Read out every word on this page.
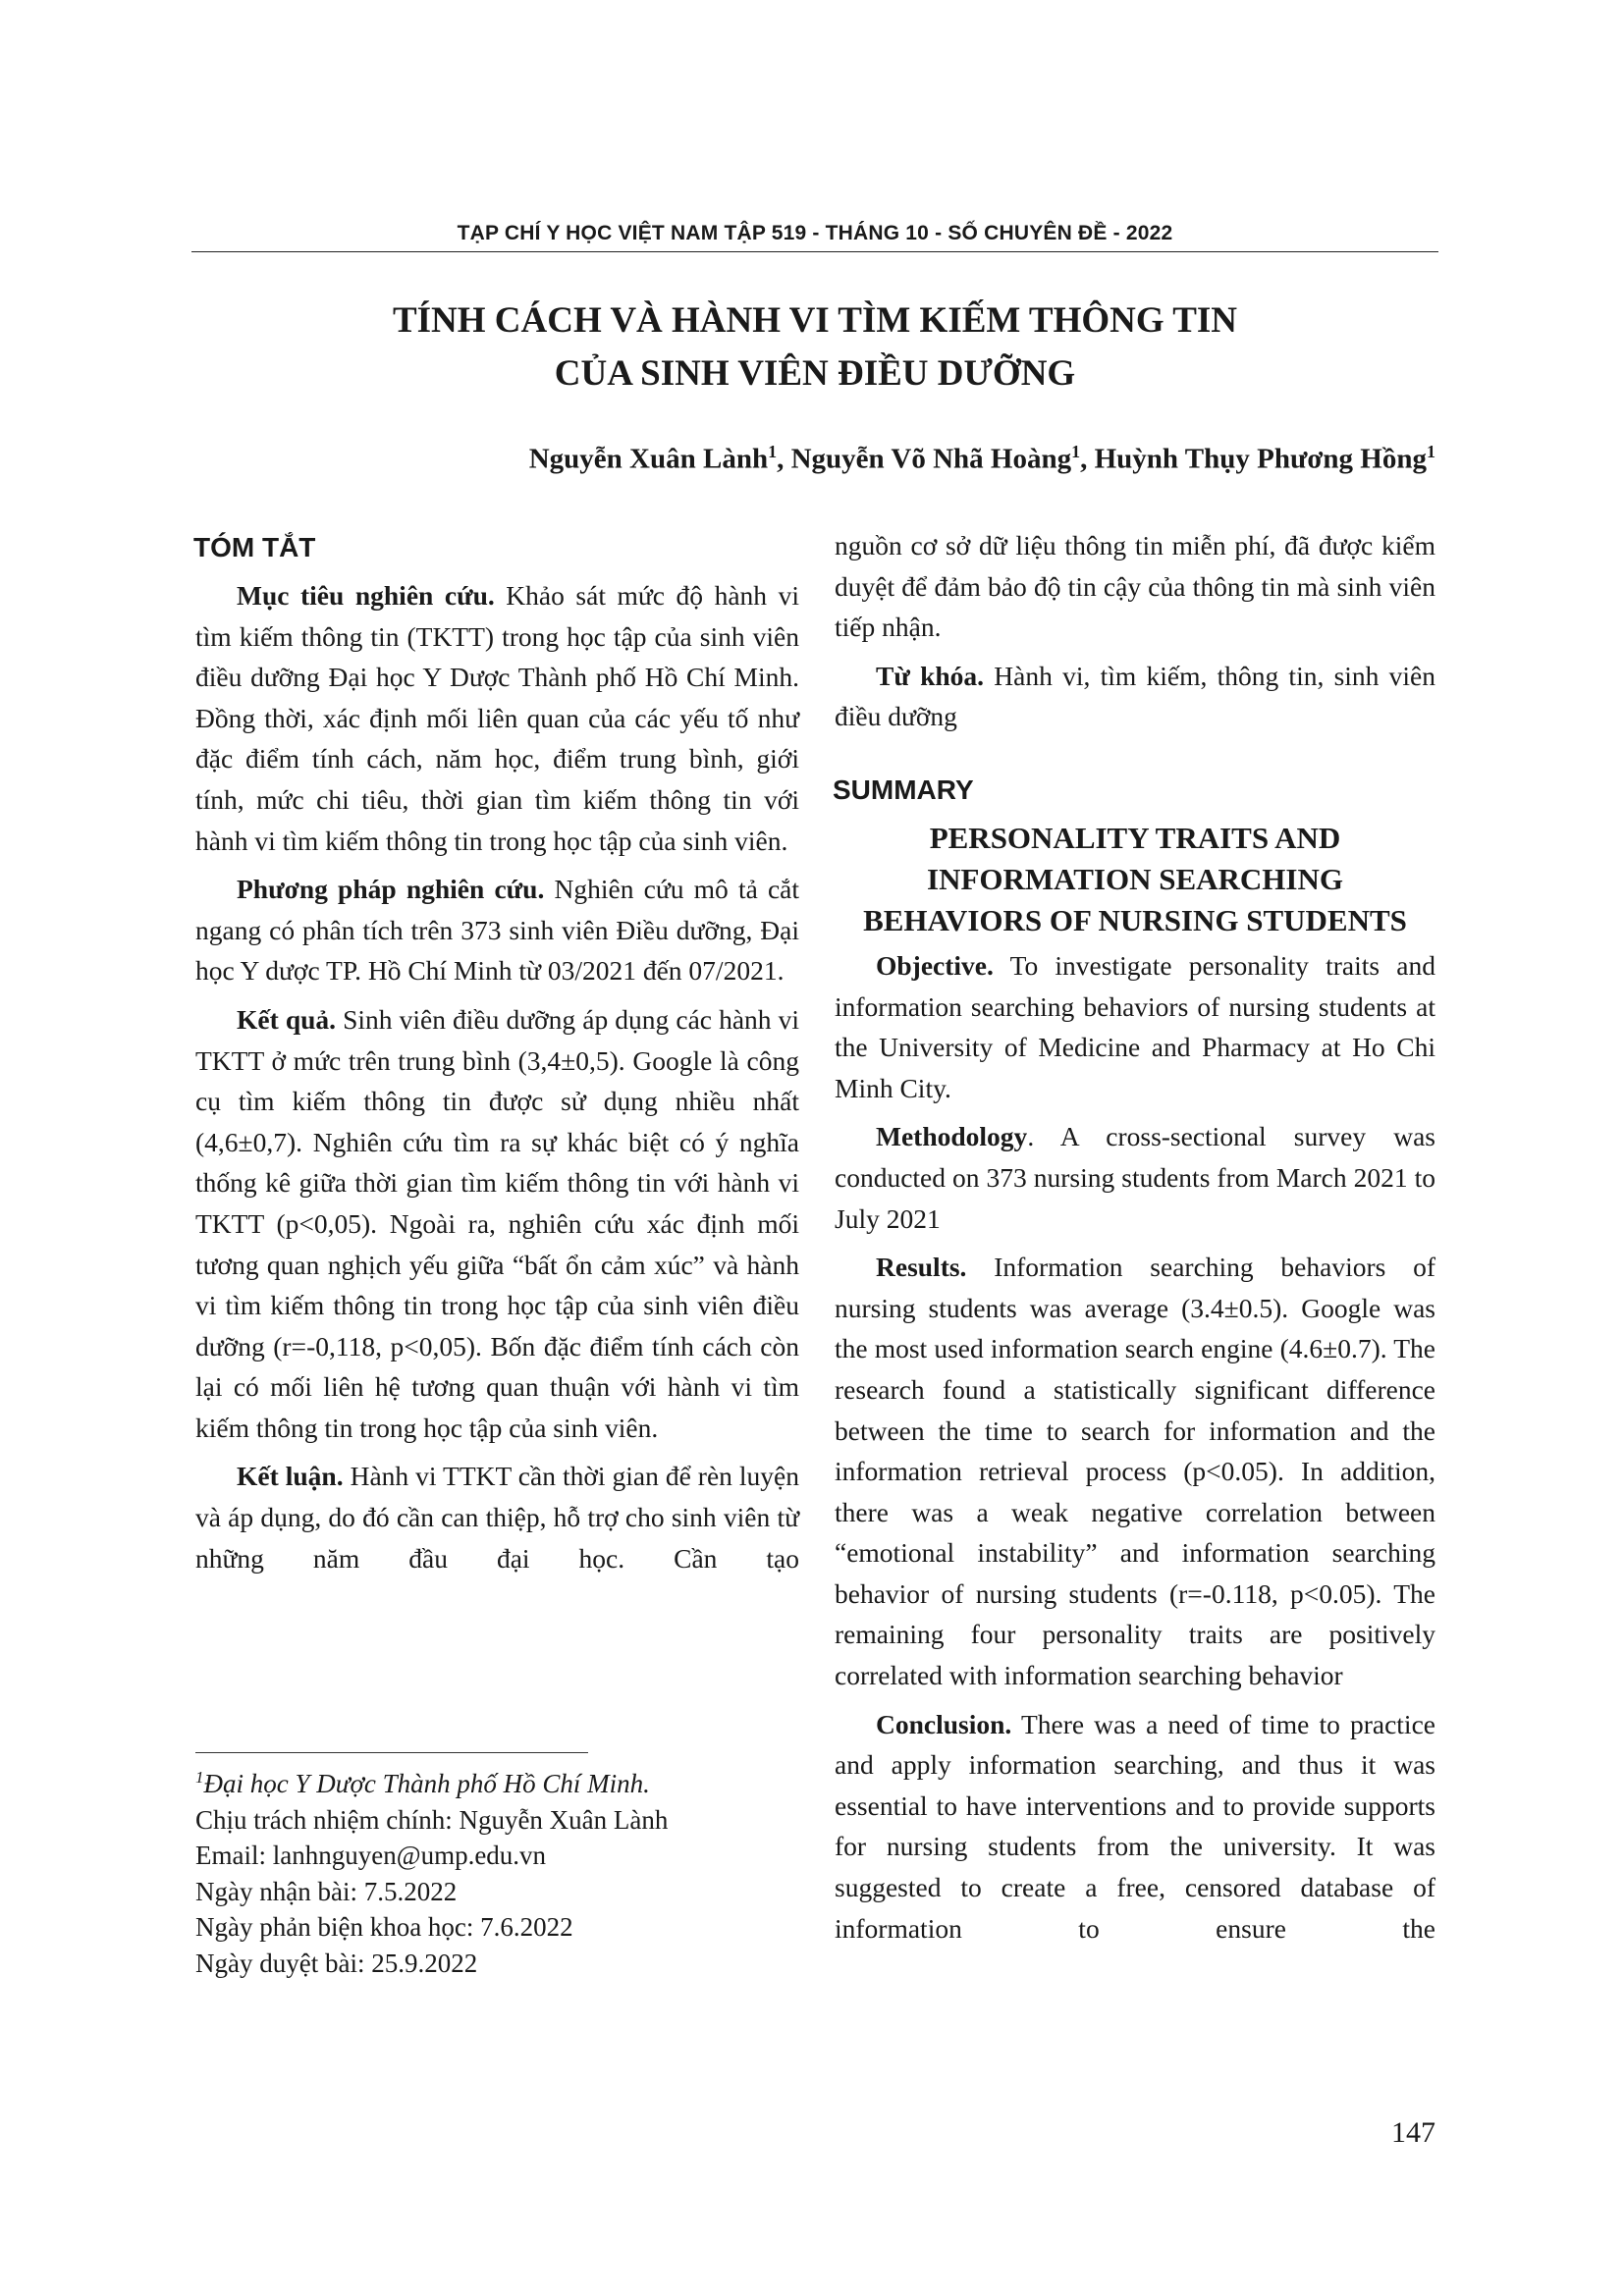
TẠP CHÍ Y HỌC VIỆT NAM TẬP 519 - THÁNG 10 - SỐ CHUYÊN ĐỀ - 2022
TÍNH CÁCH VÀ HÀNH VI TÌM KIẾM THÔNG TIN
CỦA SINH VIÊN ĐIỀU DƯỠNG
Nguyễn Xuân Lành$^1$, Nguyễn Võ Nhã Hoàng$^1$, Huỳnh Thụy Phương Hồng$^1$
TÓM TẮT

Mục tiêu nghiên cứu. Khảo sát mức độ hành vi tìm kiếm thông tin (TKTT) trong học tập của sinh viên điều dưỡng Đại học Y Dược Thành phố Hồ Chí Minh. Đồng thời, xác định mối liên quan của các yếu tố như đặc điểm tính cách, năm học, điểm trung bình, giới tính, mức chi tiêu, thời gian tìm kiếm thông tin với hành vi tìm kiếm thông tin trong học tập của sinh viên.

Phương pháp nghiên cứu. Nghiên cứu mô tả cắt ngang có phân tích trên 373 sinh viên Điều dưỡng, Đại học Y dược TP. Hồ Chí Minh từ 03/2021 đến 07/2021.

Kết quả. Sinh viên điều dưỡng áp dụng các hành vi TKTT ở mức trên trung bình (3,4±0,5). Google là công cụ tìm kiếm thông tin được sử dụng nhiều nhất (4,6±0,7). Nghiên cứu tìm ra sự khác biệt có ý nghĩa thống kê giữa thời gian tìm kiếm thông tin với hành vi TKTT (p<0,05). Ngoài ra, nghiên cứu xác định mối tương quan nghịch yếu giữa “bất ổn cảm xúc” và hành vi tìm kiếm thông tin trong học tập của sinh viên điều dưỡng (r=-0,118, p<0,05). Bốn đặc điểm tính cách còn lại có mối liên hệ tương quan thuận với hành vi tìm kiếm thông tin trong học tập của sinh viên.

Kết luận. Hành vi TTKT cần thời gian để rèn luyện và áp dụng, do đó cần can thiệp, hỗ trợ cho sinh viên từ những năm đầu đại học. Cần tạo

$^1$Đại học Y Dược Thành phố Hồ Chí Minh.
Chịu trách nhiệm chính: Nguyễn Xuân Lành
Email: lanhnguyen@ump.edu.vn
Ngày nhận bài: 7.5.2022
Ngày phản biện khoa học: 7.6.2022
Ngày duyệt bài: 25.9.2022

nguồn cơ sở dữ liệu thông tin miễn phí, đã được kiểm duyệt để đảm bảo độ tin cậy của thông tin mà sinh viên tiếp nhận.

Từ khóa. Hành vi, tìm kiếm, thông tin, sinh viên điều dưỡng

SUMMARY
PERSONALITY TRAITS AND
INFORMATION SEARCHING
BEHAVIORS OF NURSING STUDENTS

Objective. To investigate personality traits and information searching behaviors of nursing students at the University of Medicine and Pharmacy at Ho Chi Minh City.

Methodology. A cross-sectional survey was conducted on 373 nursing students from March 2021 to July 2021

Results. Information searching behaviors of nursing students was average (3.4±0.5). Google was the most used information search engine (4.6±0.7). The research found a statistically significant difference between the time to search for information and the information retrieval process (p<0.05). In addition, there was a weak negative correlation between “emotional instability” and information searching behavior of nursing students (r=-0.118, p<0.05). The remaining four personality traits are positively correlated with information searching behavior

Conclusion. There was a need of time to practice and apply information searching, and thus it was essential to have interventions and to provide supports for nursing students from the university. It was suggested to create a free, censored database of information to ensure the

147
